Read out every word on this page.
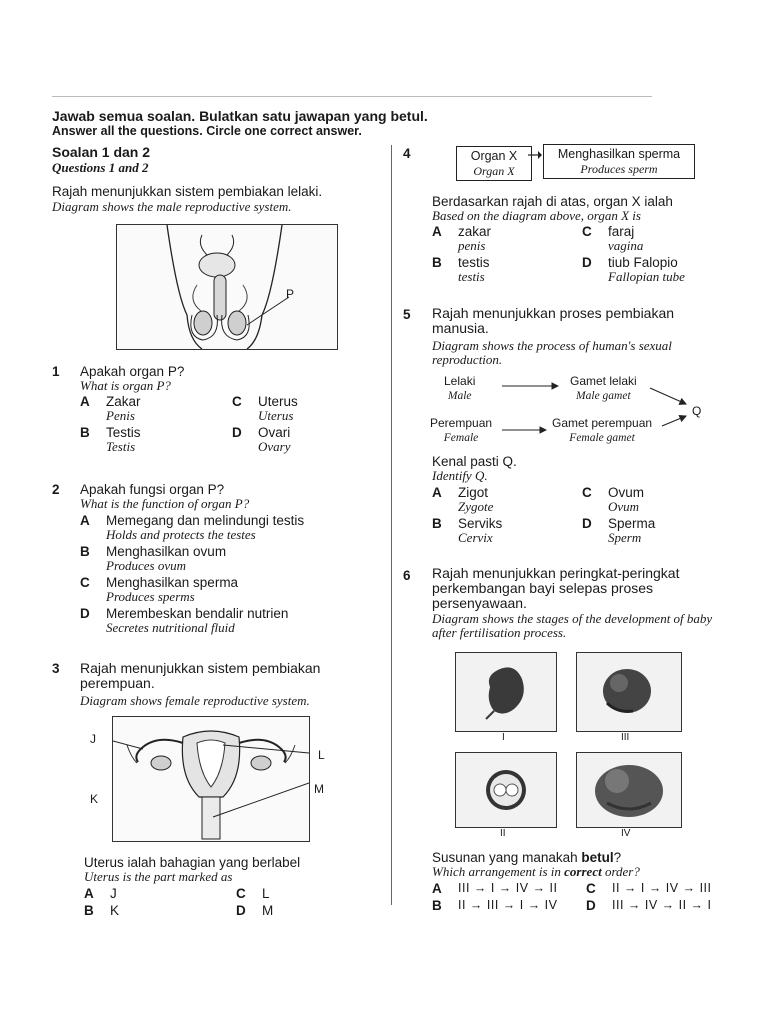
Jawab semua soalan. Bulatkan satu jawapan yang betul.
Answer all the questions. Circle one correct answer.
Soalan 1 dan 2
Questions 1 and 2
Rajah menunjukkan sistem pembiakan lelaki.
Diagram shows the male reproductive system.
P
1 Apakah organ P?
What is organ P?
A	Zakar
Penis
B	Testis
Testis
C	Uterus
Uterus
D	Ovari
Ovary
2 Apakah fungsi organ P?
What is the function of organ P?
A	Memegang dan melindungi testis
Holds and protects the testes
B	Menghasilkan ovum
Produces ovum
C	Menghasilkan sperma
Produces sperms
D	Merembeskan bendalir nutrien
Secretes nutritional fluid
3 Rajah menunjukkan sistem pembiakan perempuan.
Diagram shows female reproductive system.
J
K
L
M
Uterus ialah bahagian yang berlabel
Uterus is the part marked as
A	J
B	K
C	L
D	M
4	Organ X
Organ X
Menghasilkan sperma
Produces sperm
Berdasarkan rajah di atas, organ X ialah
Based on the diagram above, organ X is
A	zakar
penis
B	testis
testis
C	faraj
vagina
D	tiub Falopio
Fallopian tube
5 Rajah menunjukkan proses pembiakan manusia.
Diagram shows the process of human's sexual reproduction.
Lelaki
Male
Gamet lelaki
Male gamet
Perempuan
Female
Gamet perempuan
Female gamet
Q
Kenal pasti Q.
Identify Q.
A	Zigot
Zygote
B	Serviks
Cervix
C	Ovum
Ovum
D	Sperma
Sperm
6 Rajah menunjukkan peringkat-peringkat perkembangan bayi selepas proses persenyawaan.
Diagram shows the stages of the development of baby after fertilisation process.
I	III
II	IV
Susunan yang manakah betul?
Which arrangement is in correct order?
A	III → I → IV → II
B	II → III → I → IV
C	II → I → IV → III
D	III → IV → II → I
